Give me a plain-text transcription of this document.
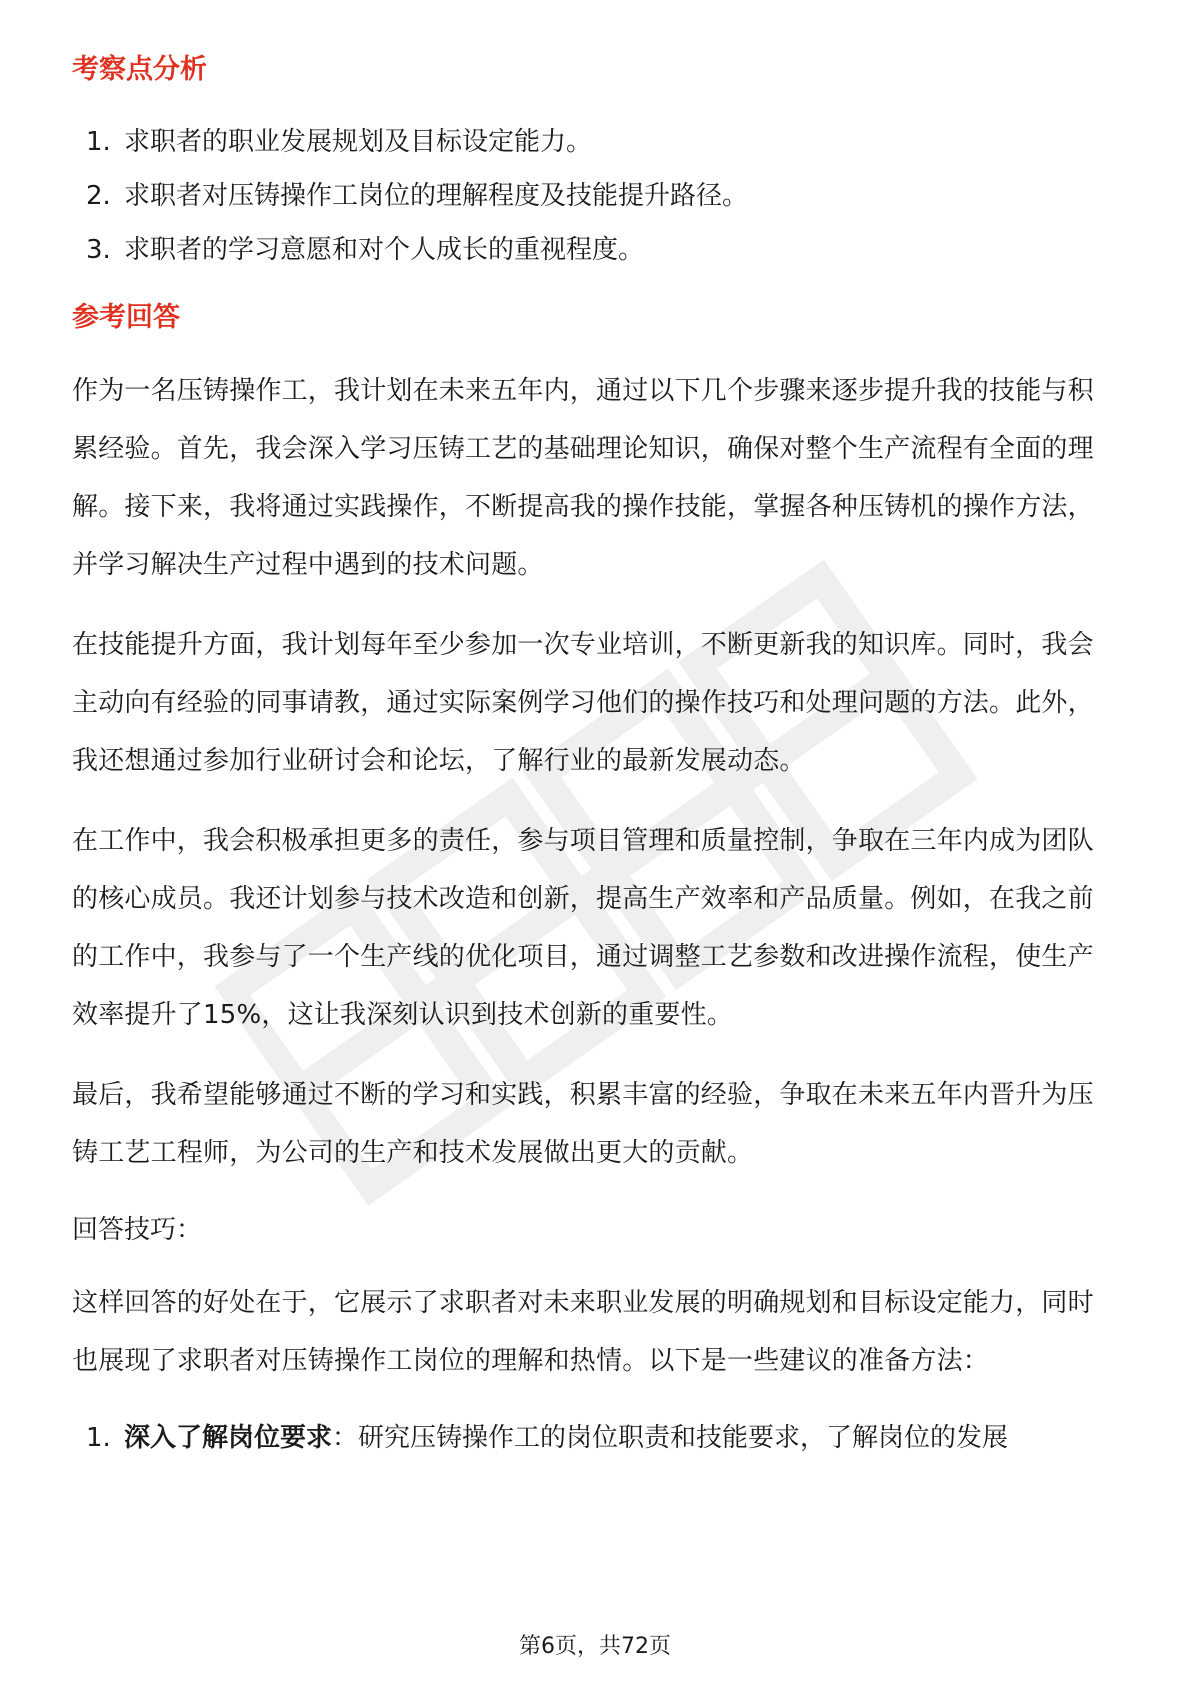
考察点分析
1. 求职者的职业发展规划及目标设定能力。
2. 求职者对压铸操作工岗位的理解程度及技能提升路径。
3. 求职者的学习意愿和对个人成长的重视程度。
参考回答

作为一名压铸操作工，我计划在未来五年内，通过以下几个步骤来逐步提升我的技能与积累经验。首先，我会深入学习压铸工艺的基础理论知识，确保对整个生产流程有全面的理解。接下来，我将通过实践操作，不断提高我的操作技能，掌握各种压铸机的操作方法，并学习解决生产过程中遇到的技术问题。

在技能提升方面，我计划每年至少参加一次专业培训，不断更新我的知识库。同时，我会主动向有经验的同事请教，通过实际案例学习他们的操作技巧和处理问题的方法。此外，我还想通过参加行业研讨会和论坛，了解行业的最新发展动态。

在工作中，我会积极承担更多的责任，参与项目管理和质量控制，争取在三年内成为团队的核心成员。我还计划参与技术改造和创新，提高生产效率和产品质量。例如，在我之前的工作中，我参与了一个生产线的优化项目，通过调整工艺参数和改进操作流程，使生产效率提升了15%，这让我深刻认识到技术创新的重要性。

最后，我希望能够通过不断的学习和实践，积累丰富的经验，争取在未来五年内晋升为压铸工艺工程师，为公司的生产和技术发展做出更大的贡献。

回答技巧：

这样回答的好处在于，它展示了求职者对未来职业发展的明确规划和目标设定能力，同时也展现了求职者对压铸操作工岗位的理解和热情。以下是一些建议的准备方法：

1. 深入了解岗位要求：研究压铸操作工的岗位职责和技能要求，了解岗位的发展

第6页，共72页
